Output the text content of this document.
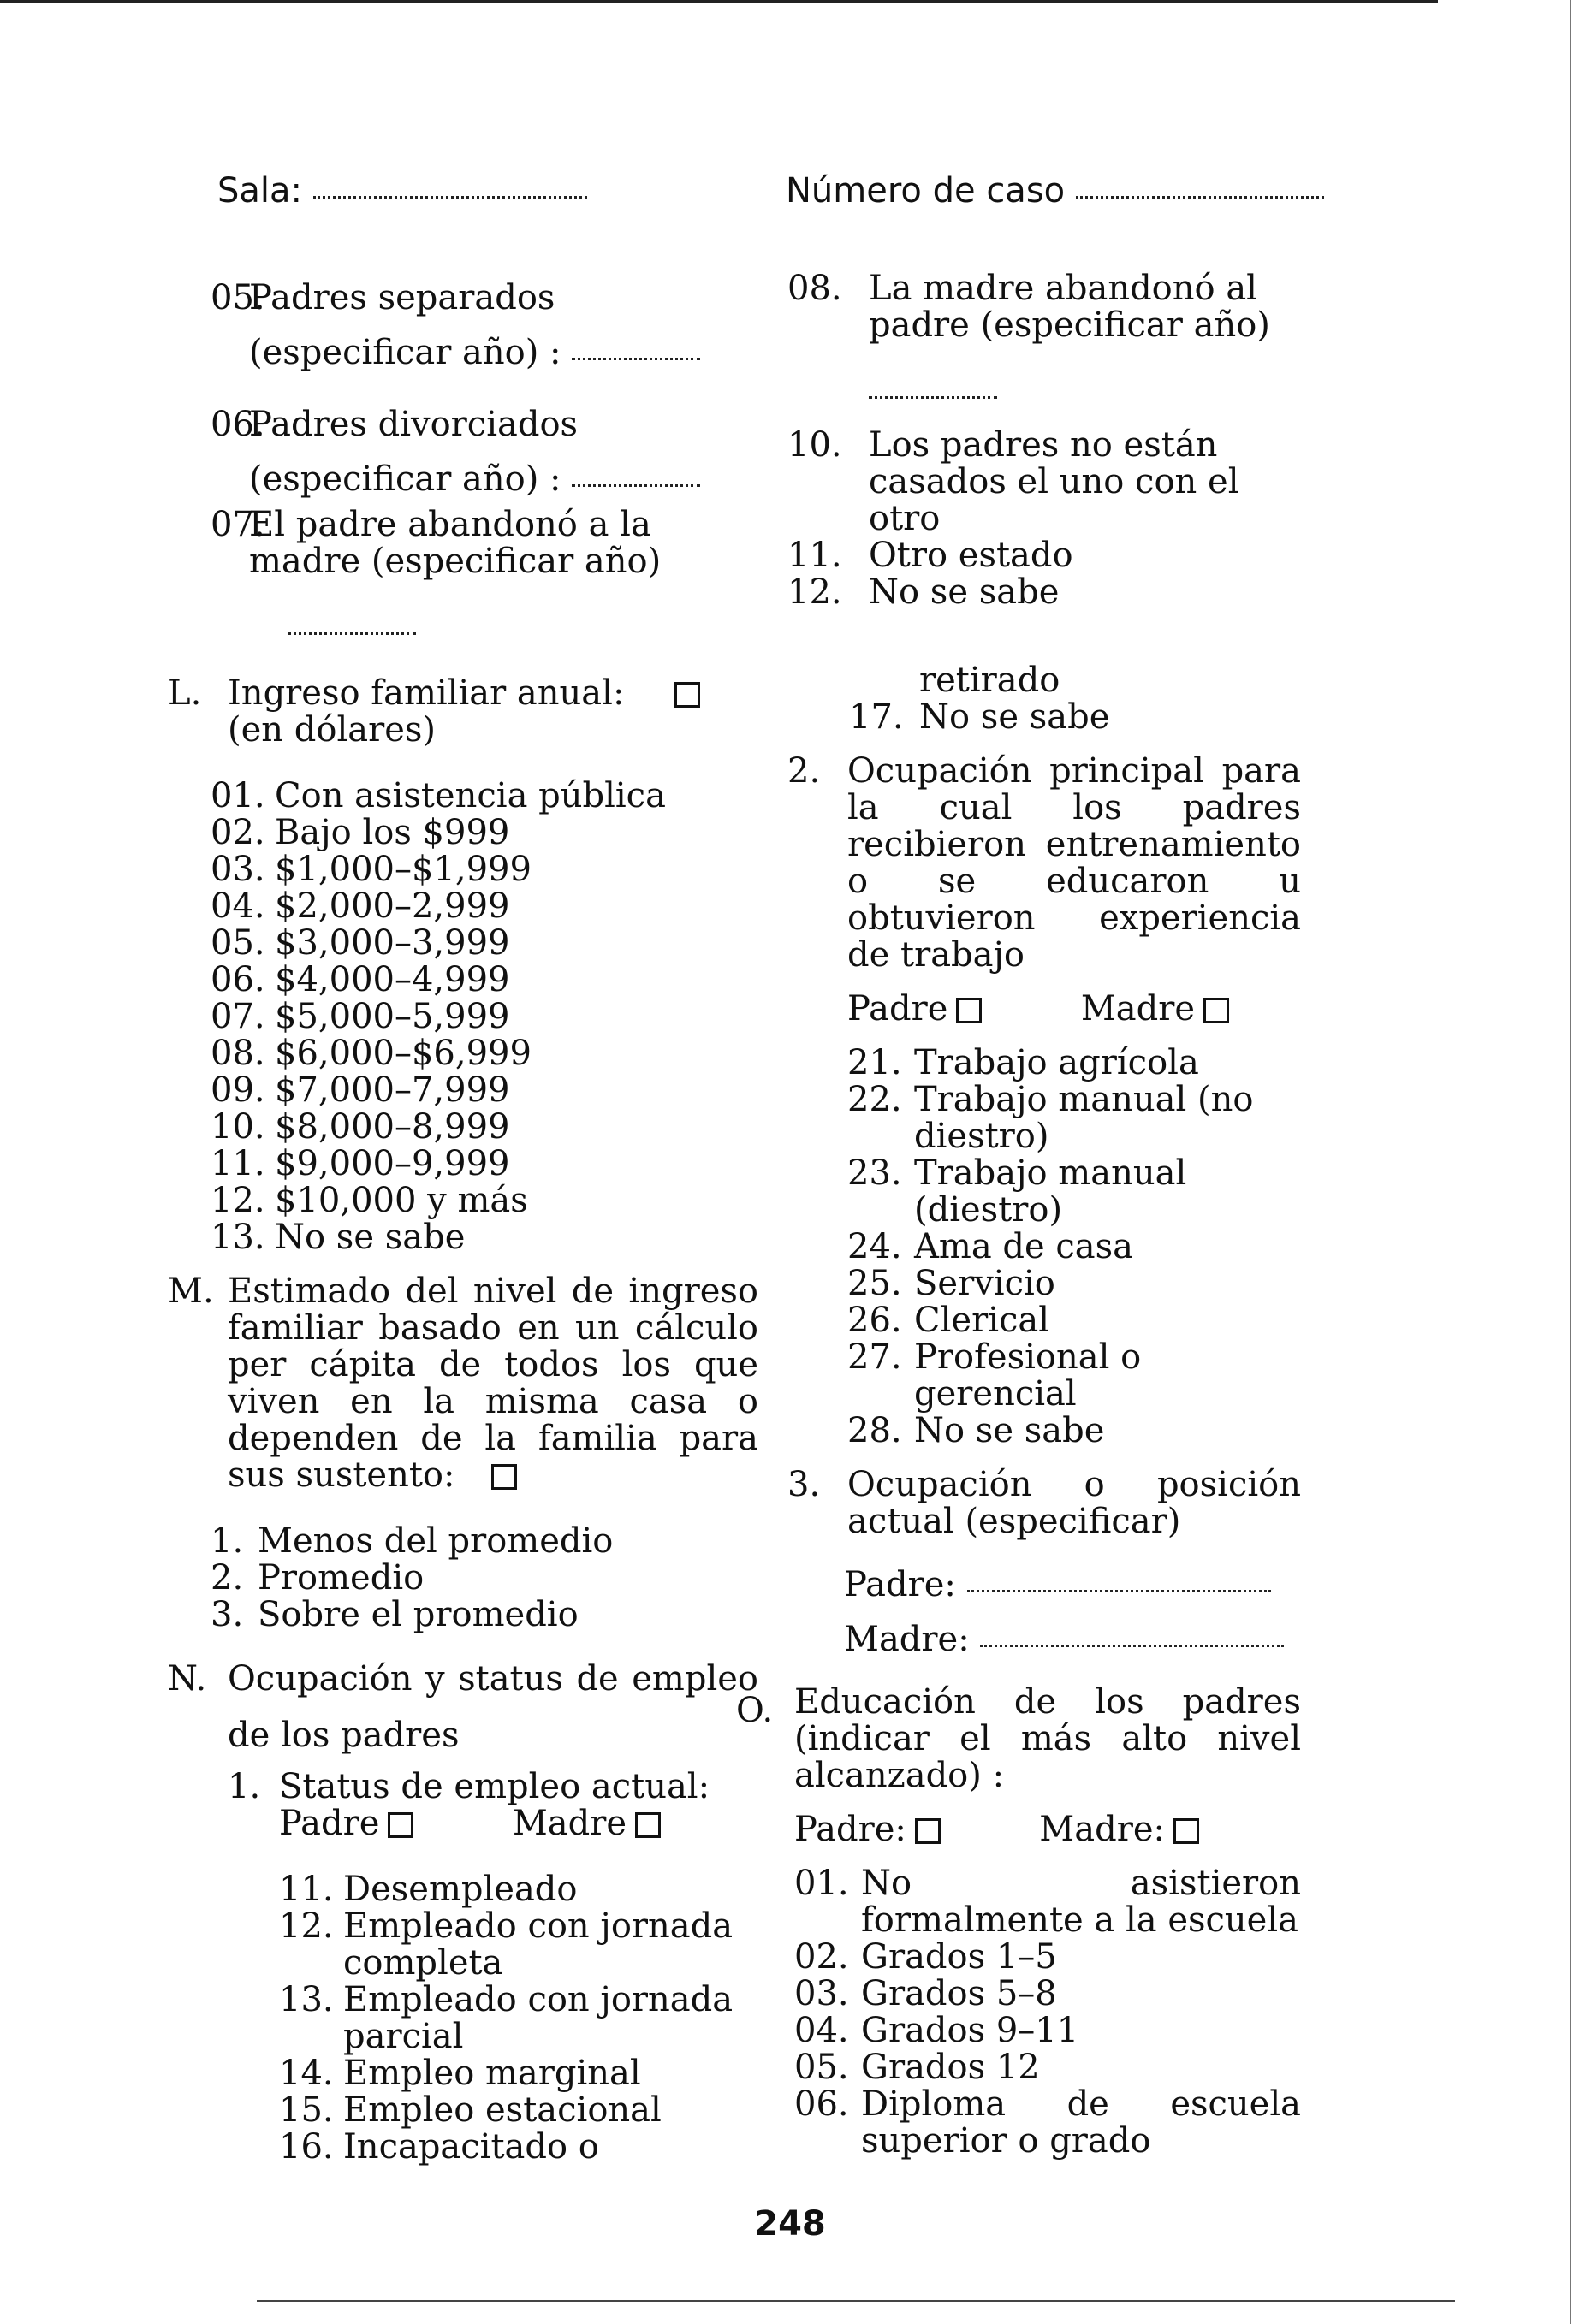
Sala:	Número de caso
05.
Padres separados (especificar año) :
06.
Padres divorciados (especificar año) :
07.
El padre abandonó a la madre (especificar año)
L. Ingreso familiar anual:
(en dólares)
01. Con asistencia pública
02. Bajo los $999
03. $1,000–$1,999
04. $2,000–2,999
05. $3,000–3,999
06. $4,000–4,999
07. $5,000–5,999
08. $6,000–$6,999
09. $7,000–7,999
10. $8,000–8,999
11. $9,000–9,999
12. $10,000 y más
13. No se sabe
M. Estimado del nivel de ingreso familiar basado en un cálculo per cápita de todos los que viven en la misma casa o dependen de la familia para sus sustento:
1. Menos del promedio
2. Promedio
3. Sobre el promedio
N. Ocupación y status de empleo de los padres
1. Status de empleo actual:
Padre	Madre
11. Desempleado
12. Empleado con jornada completa
13. Empleado con jornada parcial
14. Empleo marginal
15. Empleo estacional
16. Incapacitado o
08. La madre abandonó al padre (especificar año)
10. Los padres no están casados el uno con el otro
11. Otro estado
12. No se sabe
retirado
17. No se sabe
2. Ocupación principal para la cual los padres recibieron entrenamiento o se educaron u obtuvieron experiencia de trabajo
Padre	Madre
21. Trabajo agrícola
22. Trabajo manual (no diestro)
23. Trabajo manual (diestro)
24. Ama de casa
25. Servicio
26. Clerical
27. Profesional o gerencial
28. No se sabe
3. Ocupación o posición actual (especificar)
Padre:
Madre:
O. Educación de los padres (indicar el más alto nivel alcanzado) :
Padre:	Madre:
01. No asistieron formalmente a la escuela
02. Grados 1–5
03. Grados 5–8
04. Grados 9–11
05. Grados 12
06. Diploma de escuela superior o grado
248
